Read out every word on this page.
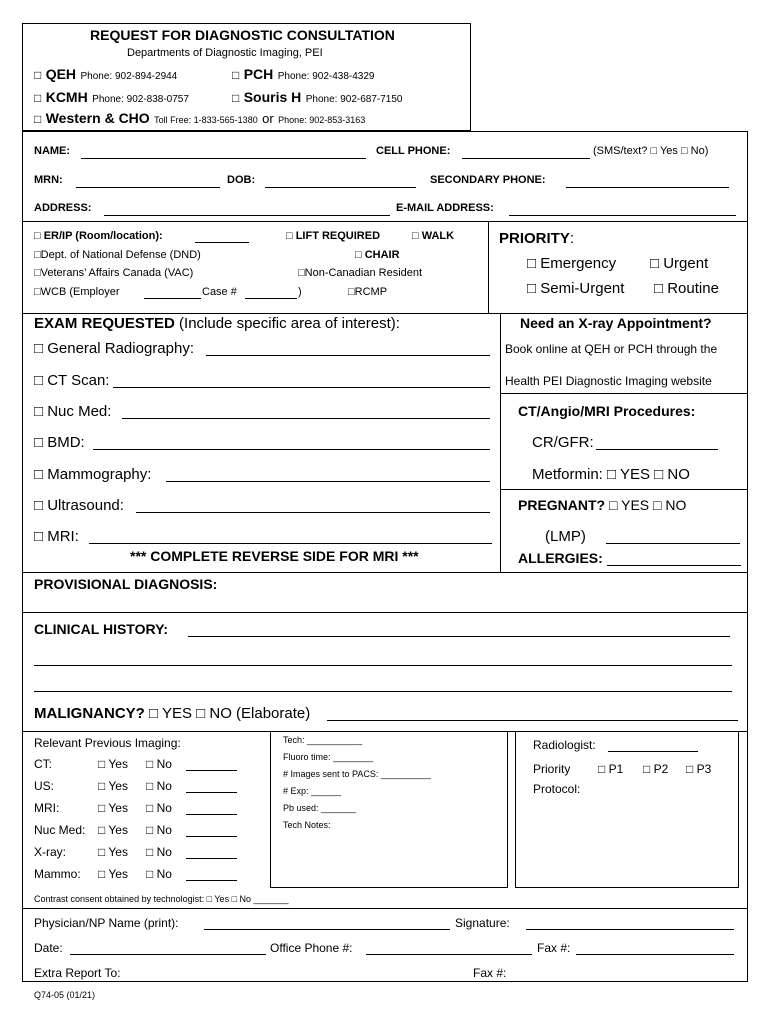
REQUEST FOR DIAGNOSTIC CONSULTATION
Departments of Diagnostic Imaging, PEI
□ QEH Phone: 902-894-2944	□ PCH Phone: 902-438-4329
□ KCMH Phone: 902-838-0757	□ Souris H Phone: 902-687-7150
□ Western & CHO Toll Free: 1-833-565-1380 or Phone: 902-853-3163
NAME:	CELL PHONE:	(SMS/text? □ Yes □ No)
MRN:	DOB:	SECONDARY PHONE:
ADDRESS:	E-MAIL ADDRESS:
□ ER/IP (Room/location):	□ LIFT REQUIRED	□ WALK
□Dept. of National Defense (DND)	□ CHAIR
□Veterans’ Affairs Canada (VAC)	□Non-Canadian Resident
□WCB (Employer	Case #	)	□RCMP
PRIORITY:
□ Emergency □ Urgent
□ Semi-Urgent □ Routine
EXAM REQUESTED (Include specific area of interest):
□ General Radiography:
□ CT Scan:
□ Nuc Med:
□ BMD:
□ Mammography:
□ Ultrasound:
□ MRI:
*** COMPLETE REVERSE SIDE FOR MRI ***
Need an X-ray Appointment?
Book online at QEH or PCH through the
Health PEI Diagnostic Imaging website
CT/Angio/MRI Procedures:
CR/GFR:
Metformin: □ YES □ NO
PREGNANT? □ YES □ NO
(LMP)
ALLERGIES:
PROVISIONAL DIAGNOSIS:
CLINICAL HISTORY:
MALIGNANCY? □ YES □ NO (Elaborate)
Relevant Previous Imaging:
CT:	□ Yes □ No
US:	□ Yes □ No
MRI:	□ Yes □ No
Nuc Med: □ Yes □ No
X-ray:	□ Yes □ No
Mammo: □ Yes □ No
Tech: ___________
Fluoro time: ________
# Images sent to PACS: __________
# Exp: ______
Pb used: _______
Tech Notes:
Radiologist:
Priority □ P1 □ P2 □ P3
Protocol:
Contrast consent obtained by technologist: □ Yes □ No _______
Physician/NP Name (print):	Signature:
Date:	Office Phone #:	Fax #:
Extra Report To:	Fax #:
Q74-05 (01/21)
